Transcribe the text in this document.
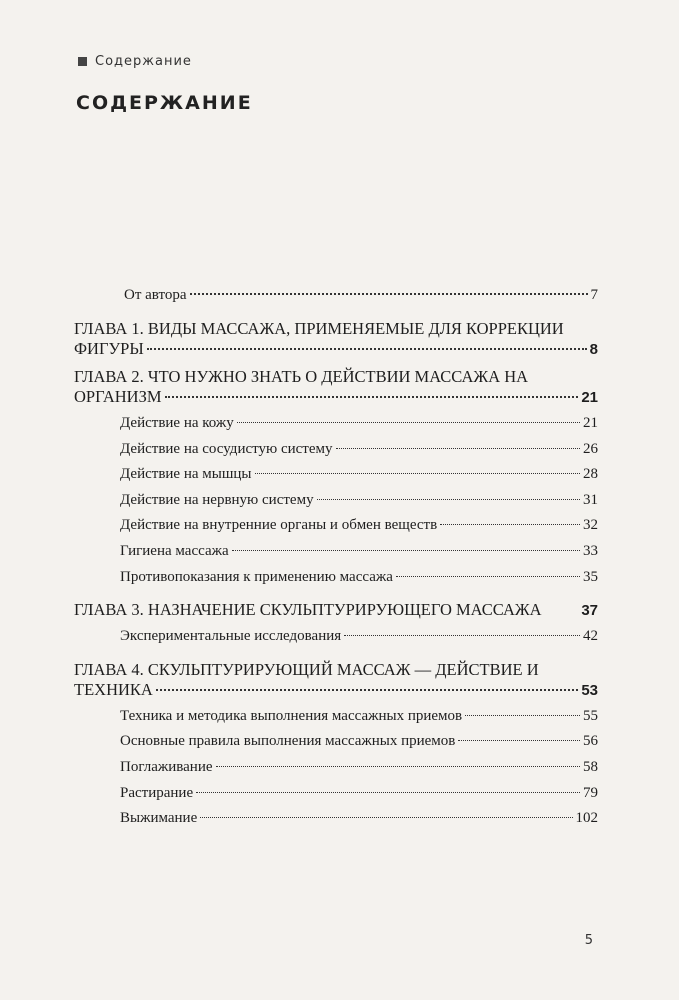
Содержание
СОДЕРЖАНИЕ
От автора	7
ГЛАВА 1. ВИДЫ МАССАЖА, ПРИМЕНЯЕМЫЕ ДЛЯ КОРРЕКЦИИ
ФИГУРЫ	8
ГЛАВА 2. ЧТО НУЖНО ЗНАТЬ О ДЕЙСТВИИ МАССАЖА НА
ОРГАНИЗМ	21
Действие на кожу	21
Действие на сосудистую систему	26
Действие на мышцы	28
Действие на нервную систему	31
Действие на внутренние органы и обмен веществ	32
Гигиена массажа	33
Противопоказания к применению массажа	35
ГЛАВА 3. НАЗНАЧЕНИЕ СКУЛЬПТУРИРУЮЩЕГО МАССАЖА	37
Экспериментальные исследования	42
ГЛАВА 4. СКУЛЬПТУРИРУЮЩИЙ МАССАЖ — ДЕЙСТВИЕ И
ТЕХНИКА	53
Техника и методика выполнения массажных приемов	55
Основные правила выполнения массажных приемов	56
Поглаживание	58
Растирание	79
Выжимание	102
5
